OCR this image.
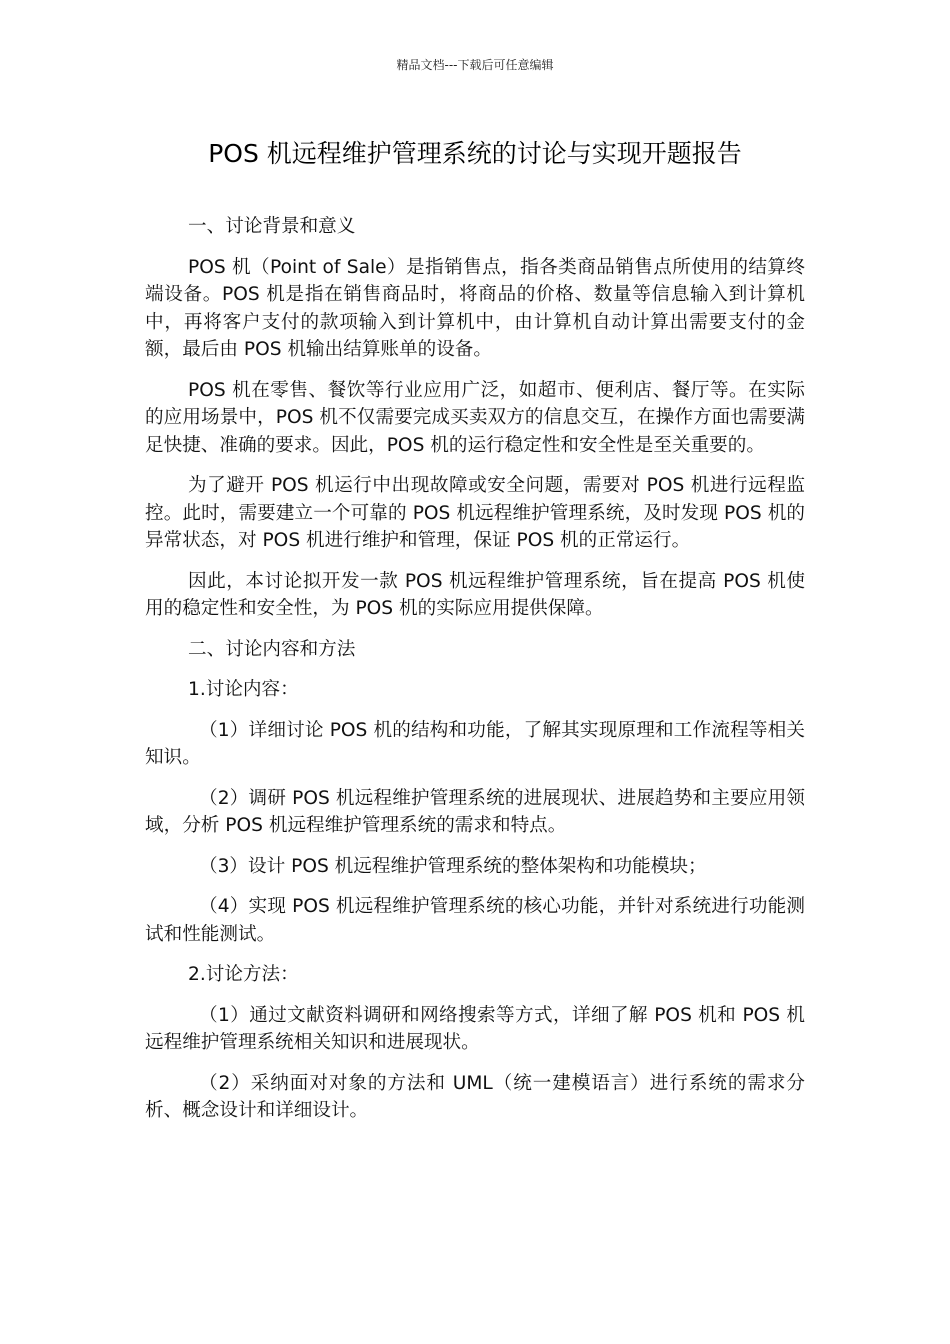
精品文档---下载后可任意编辑
POS 机远程维护管理系统的讨论与实现开题报告

一、讨论背景和意义

POS 机（Point of Sale）是指销售点，指各类商品销售点所使用的结算终端设备。POS 机是指在销售商品时，将商品的价格、数量等信息输入到计算机中，再将客户支付的款项输入到计算机中，由计算机自动计算出需要支付的金额，最后由 POS 机输出结算账单的设备。

POS 机在零售、餐饮等行业应用广泛，如超市、便利店、餐厅等。在实际的应用场景中，POS 机不仅需要完成买卖双方的信息交互，在操作方面也需要满足快捷、准确的要求。因此，POS 机的运行稳定性和安全性是至关重要的。

为了避开 POS 机运行中出现故障或安全问题，需要对 POS 机进行远程监控。此时，需要建立一个可靠的 POS 机远程维护管理系统，及时发现 POS 机的异常状态，对 POS 机进行维护和管理，保证 POS 机的正常运行。

因此，本讨论拟开发一款 POS 机远程维护管理系统，旨在提高 POS 机使用的稳定性和安全性，为 POS 机的实际应用提供保障。

二、讨论内容和方法

1.讨论内容：

（1）详细讨论 POS 机的结构和功能，了解其实现原理和工作流程等相关知识。

（2）调研 POS 机远程维护管理系统的进展现状、进展趋势和主要应用领域，分析 POS 机远程维护管理系统的需求和特点。

（3）设计 POS 机远程维护管理系统的整体架构和功能模块；

（4）实现 POS 机远程维护管理系统的核心功能，并针对系统进行功能测试和性能测试。

2.讨论方法：

（1）通过文献资料调研和网络搜索等方式，详细了解 POS 机和 POS 机远程维护管理系统相关知识和进展现状。

（2）采纳面对对象的方法和 UML（统一建模语言）进行系统的需求分析、概念设计和详细设计。
